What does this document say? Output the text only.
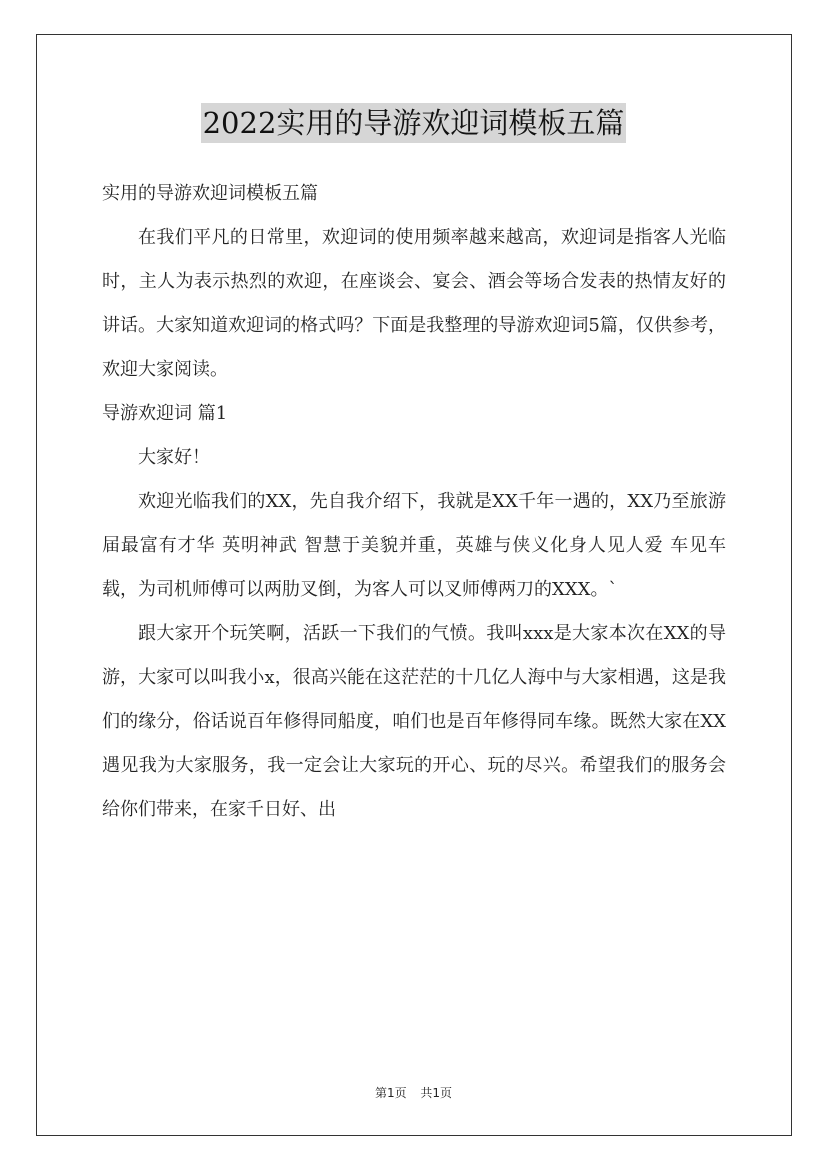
2022实用的导游欢迎词模板五篇

实用的导游欢迎词模板五篇

在我们平凡的日常里，欢迎词的使用频率越来越高，欢迎词是指客人光临时，主人为表示热烈的欢迎，在座谈会、宴会、酒会等场合发表的热情友好的讲话。大家知道欢迎词的格式吗？下面是我整理的导游欢迎词5篇，仅供参考，欢迎大家阅读。

导游欢迎词 篇1

大家好！

欢迎光临我们的XX，先自我介绍下，我就是XX千年一遇的，XX乃至旅游届最富有才华 英明神武 智慧于美貌并重，英雄与侠义化身人见人爱 车见车载，为司机师傅可以两肋叉倒，为客人可以叉师傅两刀的XXX。`

跟大家开个玩笑啊，活跃一下我们的气愤。我叫xxx是大家本次在XX的导游，大家可以叫我小x，很高兴能在这茫茫的十几亿人海中与大家相遇，这是我们的缘分，俗话说百年修得同船度，咱们也是百年修得同车缘。既然大家在XX遇见我为大家服务，我一定会让大家玩的开心、玩的尽兴。希望我们的服务会给你们带来，在家千日好、出

第1页 共1页
